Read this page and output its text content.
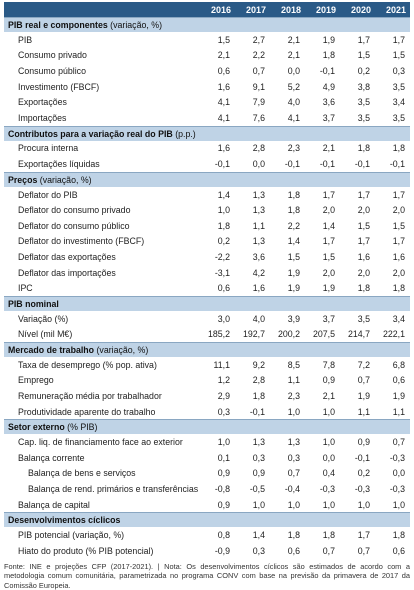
	2016	2017	2018	2019	2020	2021
PIB real e componentes (variação, %)						
PIB	1,5	2,7	2,1	1,9	1,7	1,7
Consumo privado	2,1	2,2	2,1	1,8	1,5	1,5
Consumo público	0,6	0,7	0,0	-0,1	0,2	0,3
Investimento (FBCF)	1,6	9,1	5,2	4,9	3,8	3,5
Exportações	4,1	7,9	4,0	3,6	3,5	3,4
Importações	4,1	7,6	4,1	3,7	3,5	3,5
Contributos para a variação real do PIB (p.p.)						
Procura interna	1,6	2,8	2,3	2,1	1,8	1,8
Exportações líquidas	-0,1	0,0	-0,1	-0,1	-0,1	-0,1
Preços (variação, %)						
Deflator do PIB	1,4	1,3	1,8	1,7	1,7	1,7
Deflator do consumo privado	1,0	1,3	1,8	2,0	2,0	2,0
Deflator do consumo público	1,8	1,1	2,2	1,4	1,5	1,5
Deflator do investimento (FBCF)	0,2	1,3	1,4	1,7	1,7	1,7
Deflator das exportações	-2,2	3,6	1,5	1,5	1,6	1,6
Deflator das importações	-3,1	4,2	1,9	2,0	2,0	2,0
IPC	0,6	1,6	1,9	1,9	1,8	1,8
PIB nominal						
Variação (%)	3,0	4,0	3,9	3,7	3,5	3,4
Nível (mil M€)	185,2	192,7	200,2	207,5	214,7	222,1
Mercado de trabalho (variação, %)						
Taxa de desemprego (% pop. ativa)	11,1	9,2	8,5	7,8	7,2	6,8
Emprego	1,2	2,8	1,1	0,9	0,7	0,6
Remuneração média por trabalhador	2,9	1,8	2,3	2,1	1,9	1,9
Produtividade aparente do trabalho	0,3	-0,1	1,0	1,0	1,1	1,1
Setor externo (% PIB)						
Cap. liq. de financiamento face ao exterior	1,0	1,3	1,3	1,0	0,9	0,7
Balança corrente	0,1	0,3	0,3	0,0	-0,1	-0,3
Balança de bens e serviços	0,9	0,9	0,7	0,4	0,2	0,0
Balança de rend. primários e transferências	-0,8	-0,5	-0,4	-0,3	-0,3	-0,3
Balança de capital	0,9	1,0	1,0	1,0	1,0	1,0
Desenvolvimentos cíclicos						
PIB potencial (variação, %)	0,8	1,4	1,8	1,8	1,7	1,8
Hiato do produto (% PIB potencial)	-0,9	0,3	0,6	0,7	0,7	0,6
Fonte: INE e projeções CFP (2017-2021). | Nota: Os desenvolvimentos cíclicos são estimados de acordo com a metodologia comum comunitária, parametrizada no programa CONV com base na previsão da primavera de 2017 da Comissão Europeia.
